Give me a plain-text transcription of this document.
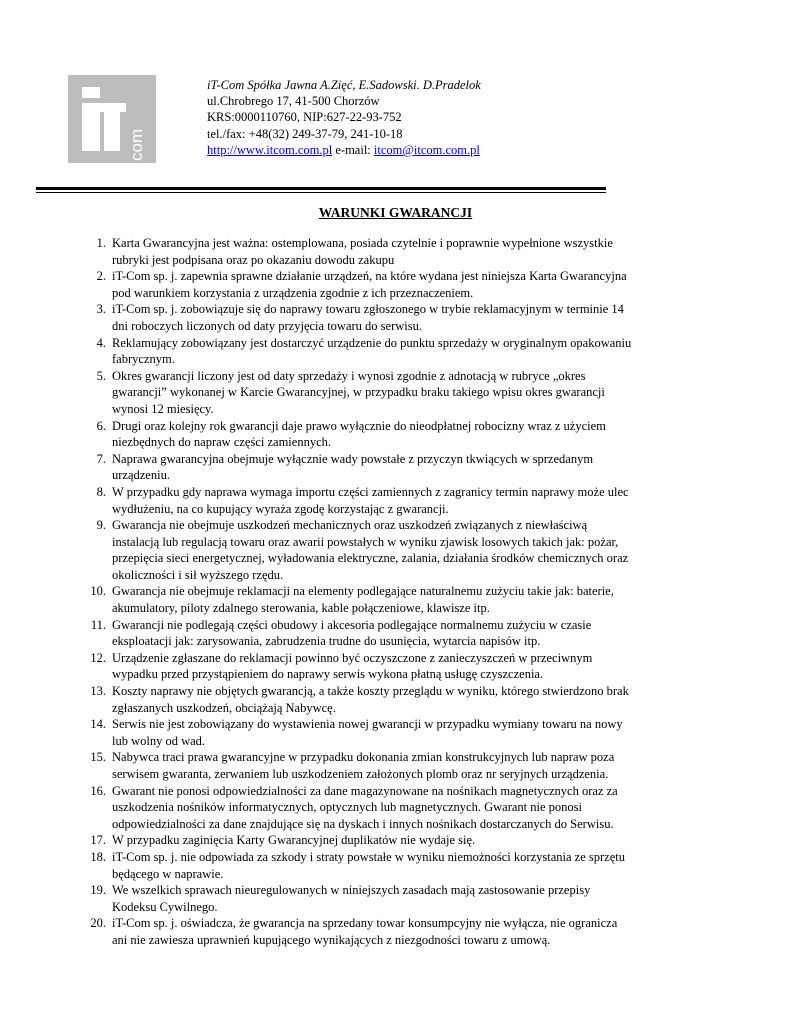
com
iT-Com Spółka Jawna A.Zięć, E.Sadowski. D.Pradelok
ul.Chrobrego 17, 41-500 Chorzów
KRS:0000110760, NIP:627-22-93-752
tel./fax: +48(32) 249-37-79, 241-10-18
http://www.itcom.com.pl e-mail: itcom@itcom.com.pl
WARUNKI GWARANCJI
1. Karta Gwarancyjna jest ważna: ostemplowana, posiada czytelnie i poprawnie wypełnione wszystkie
rubryki jest podpisana oraz po okazaniu dowodu zakupu
2. iT-Com sp. j. zapewnia sprawne działanie urządzeń, na które wydana jest niniejsza Karta Gwarancyjna
pod warunkiem korzystania z urządzenia zgodnie z ich przeznaczeniem.
3. iT-Com sp. j. zobowiązuje się do naprawy towaru zgłoszonego w trybie reklamacyjnym w terminie 14
dni roboczych liczonych od daty przyjęcia towaru do serwisu.
4. Reklamujący zobowiązany jest dostarczyć urządzenie do punktu sprzedaży w oryginalnym opakowaniu
fabrycznym.
5. Okres gwarancji liczony jest od daty sprzedaży i wynosi zgodnie z adnotacją w rubryce „okres
gwarancji” wykonanej w Karcie Gwarancyjnej, w przypadku braku takiego wpisu okres gwarancji
wynosi 12 miesięcy.
6. Drugi oraz kolejny rok gwarancji daje prawo wyłącznie do nieodpłatnej robocizny wraz z użyciem
niezbędnych do napraw części zamiennych.
7. Naprawa gwarancyjna obejmuje wyłącznie wady powstałe z przyczyn tkwiących w sprzedanym
urządzeniu.
8. W przypadku gdy naprawa wymaga importu części zamiennych z zagranicy termin naprawy może ulec
wydłużeniu, na co kupujący wyraża zgodę korzystając z gwarancji.
9. Gwarancja nie obejmuje uszkodzeń mechanicznych oraz uszkodzeń związanych z niewłaściwą
instalacją lub regulacją towaru oraz awarii powstałych w wyniku zjawisk losowych takich jak: pożar,
przepięcia sieci energetycznej, wyładowania elektryczne, zalania, działania środków chemicznych oraz
okoliczności i sił wyższego rzędu.
10. Gwarancja nie obejmuje reklamacji na elementy podlegające naturalnemu zużyciu takie jak: baterie,
akumulatory, piloty zdalnego sterowania, kable połączeniowe, klawisze itp.
11. Gwarancji nie podlegają części obudowy i akcesoria podlegające normalnemu zużyciu w czasie
eksploatacji jak: zarysowania, zabrudzenia trudne do usunięcia, wytarcia napisów itp.
12. Urządzenie zgłaszane do reklamacji powinno być oczyszczone z zanieczyszczeń w przeciwnym
wypadku przed przystąpieniem do naprawy serwis wykona płatną usługę czyszczenia.
13. Koszty naprawy nie objętych gwarancją, a także koszty przeglądu w wyniku, którego stwierdzono brak
zgłaszanych uszkodzeń, obciążają Nabywcę.
14. Serwis nie jest zobowiązany do wystawienia nowej gwarancji w przypadku wymiany towaru na nowy
lub wolny od wad.
15. Nabywca traci prawa gwarancyjne w przypadku dokonania zmian konstrukcyjnych lub napraw poza
serwisem gwaranta, zerwaniem lub uszkodzeniem założonych plomb oraz nr seryjnych urządzenia.
16. Gwarant nie ponosi odpowiedzialności za dane magazynowane na nośnikach magnetycznych oraz za
uszkodzenia nośników informatycznych, optycznych lub magnetycznych. Gwarant nie ponosi
odpowiedzialności za dane znajdujące się na dyskach i innych nośnikach dostarczanych do Serwisu.
17. W przypadku zaginięcia Karty Gwarancyjnej duplikatów nie wydaje się.
18. iT-Com sp. j. nie odpowiada za szkody i straty powstałe w wyniku niemożności korzystania ze sprzętu
będącego w naprawie.
19. We wszelkich sprawach nieuregulowanych w niniejszych zasadach mają zastosowanie przepisy
Kodeksu Cywilnego.
20. iT-Com sp. j. oświadcza, że gwarancja na sprzedany towar konsumpcyjny nie wyłącza, nie ogranicza
ani nie zawiesza uprawnień kupującego wynikających z niezgodności towaru z umową.
